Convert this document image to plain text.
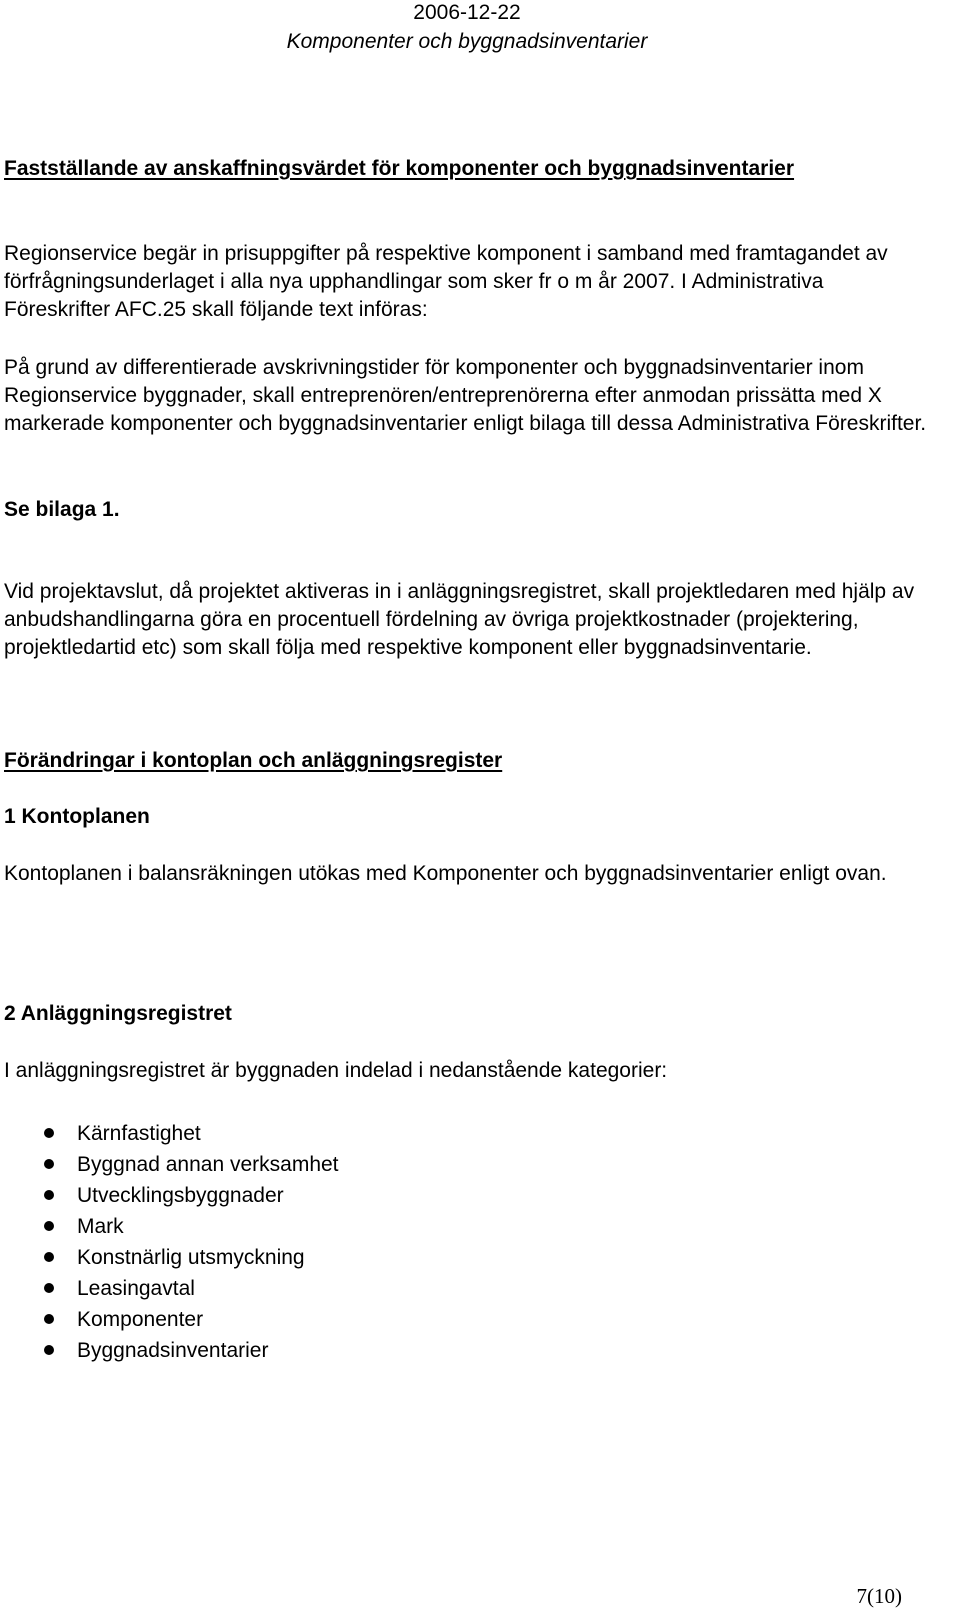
2006-12-22
Komponenter och byggnadsinventarier
Fastställande av anskaffningsvärdet för komponenter och byggnadsinventarier

Regionservice begär in prisuppgifter på respektive komponent i samband med framtagandet av förfrågningsunderlaget i alla nya upphandlingar som sker fr o m år 2007. I Administrativa Föreskrifter AFC.25 skall följande text införas:

På grund av differentierade avskrivningstider för komponenter och byggnadsinventarier inom Regionservice byggnader, skall entreprenören/entreprenörerna efter anmodan prissätta med X markerade komponenter och byggnadsinventarier enligt bilaga till dessa Administrativa Föreskrifter.

Se bilaga 1.

Vid projektavslut, då projektet aktiveras in i anläggningsregistret, skall projektledaren med hjälp av anbudshandlingarna göra en procentuell fördelning av övriga projektkostnader (projektering, projektledartid etc) som skall följa med respektive komponent eller byggnadsinventarie.

Förändringar i kontoplan och anläggningsregister
1 Kontoplanen

Kontoplanen i balansräkningen utökas med Komponenter och byggnadsinventarier enligt ovan.

2 Anläggningsregistret

I anläggningsregistret är byggnaden indelad i nedanstående kategorier:

Kärnfastighet
Byggnad annan verksamhet
Utvecklingsbyggnader
Mark
Konstnärlig utsmyckning
Leasingavtal
Komponenter
Byggnadsinventarier
7(10)
